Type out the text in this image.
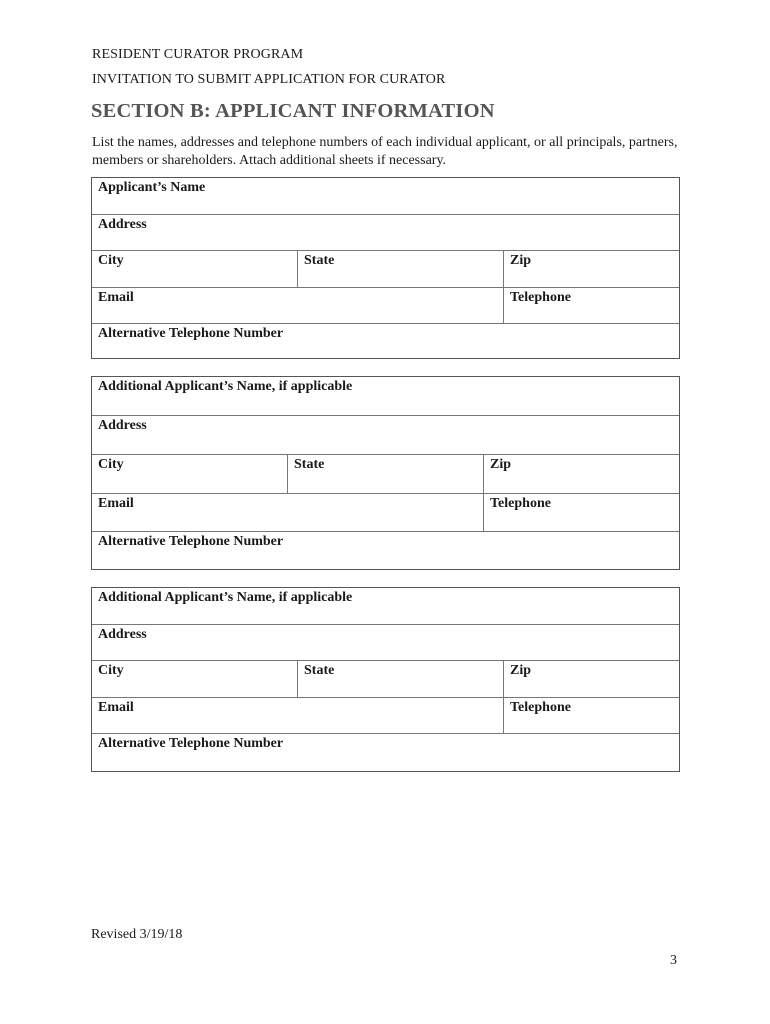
RESIDENT CURATOR PROGRAM
INVITATION TO SUBMIT APPLICATION FOR CURATOR
SECTION B: APPLICANT INFORMATION
List the names, addresses and telephone numbers of each individual applicant, or all principals, partners, members or shareholders. Attach additional sheets if necessary.
Applicant’s Name
Address
City	State	Zip
Email	Telephone
Alternative Telephone Number
Additional Applicant’s Name, if applicable
Address
City	State	Zip
Email	Telephone
Alternative Telephone Number
Additional Applicant’s Name, if applicable
Address
City	State	Zip
Email	Telephone
Alternative Telephone Number
Revised 3/19/18
3
